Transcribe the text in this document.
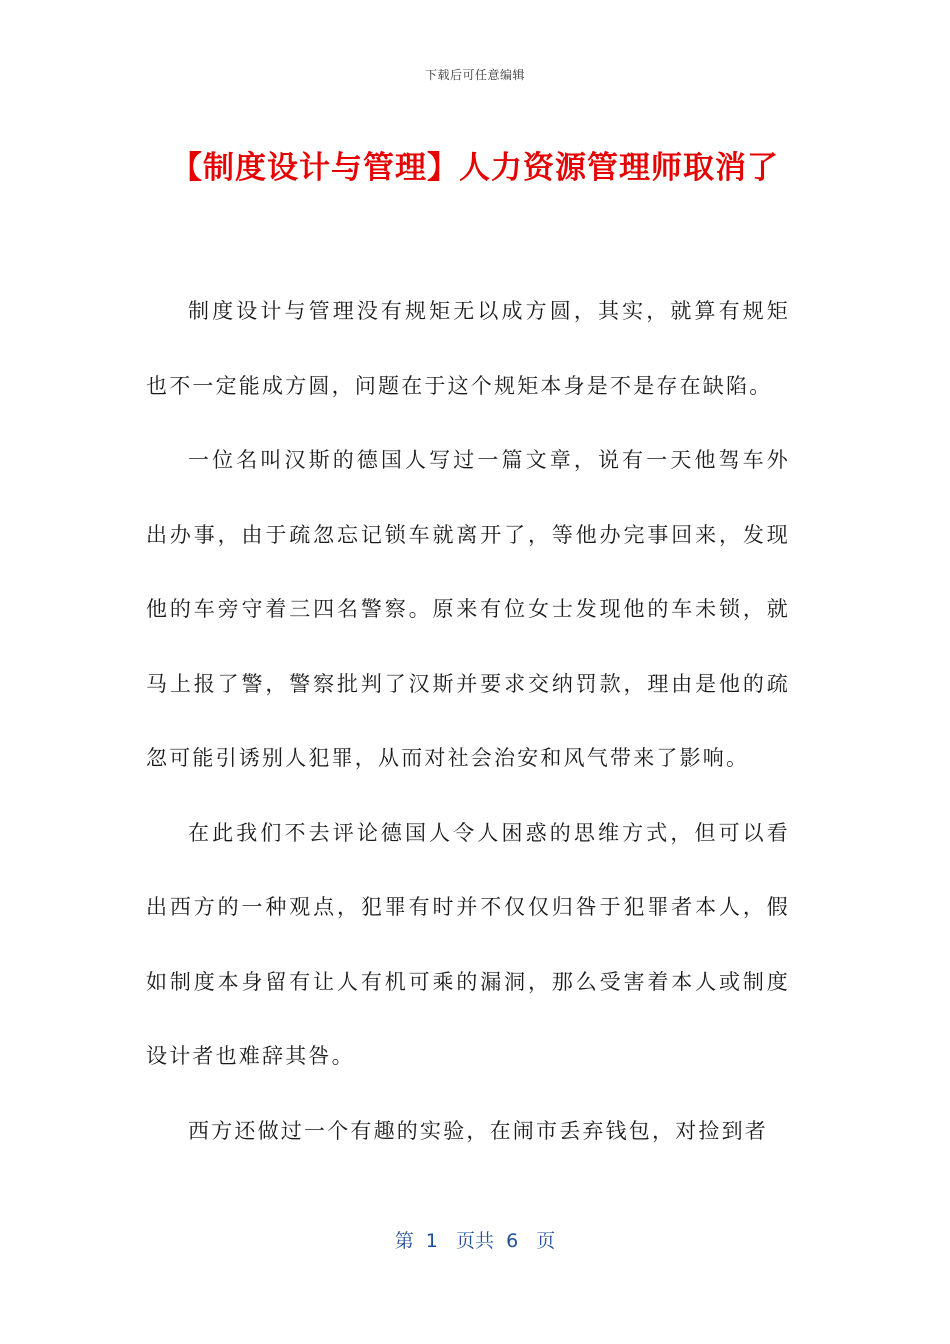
下载后可任意编辑
【制度设计与管理】人力资源管理师取消了

制度设计与管理没有规矩无以成方圆，其实，就算有规矩也不一定能成方圆，问题在于这个规矩本身是不是存在缺陷。

一位名叫汉斯的德国人写过一篇文章，说有一天他驾车外出办事，由于疏忽忘记锁车就离开了，等他办完事回来，发现他的车旁守着三四名警察。原来有位女士发现他的车未锁，就马上报了警，警察批判了汉斯并要求交纳罚款，理由是他的疏忽可能引诱别人犯罪，从而对社会治安和风气带来了影响。

在此我们不去评论德国人令人困惑的思维方式，但可以看出西方的一种观点，犯罪有时并不仅仅归咎于犯罪者本人，假如制度本身留有让人有机可乘的漏洞，那么受害着本人或制度设计者也难辞其咎。

西方还做过一个有趣的实验，在闹市丢弃钱包，对捡到者

第  1   页共  6   页
